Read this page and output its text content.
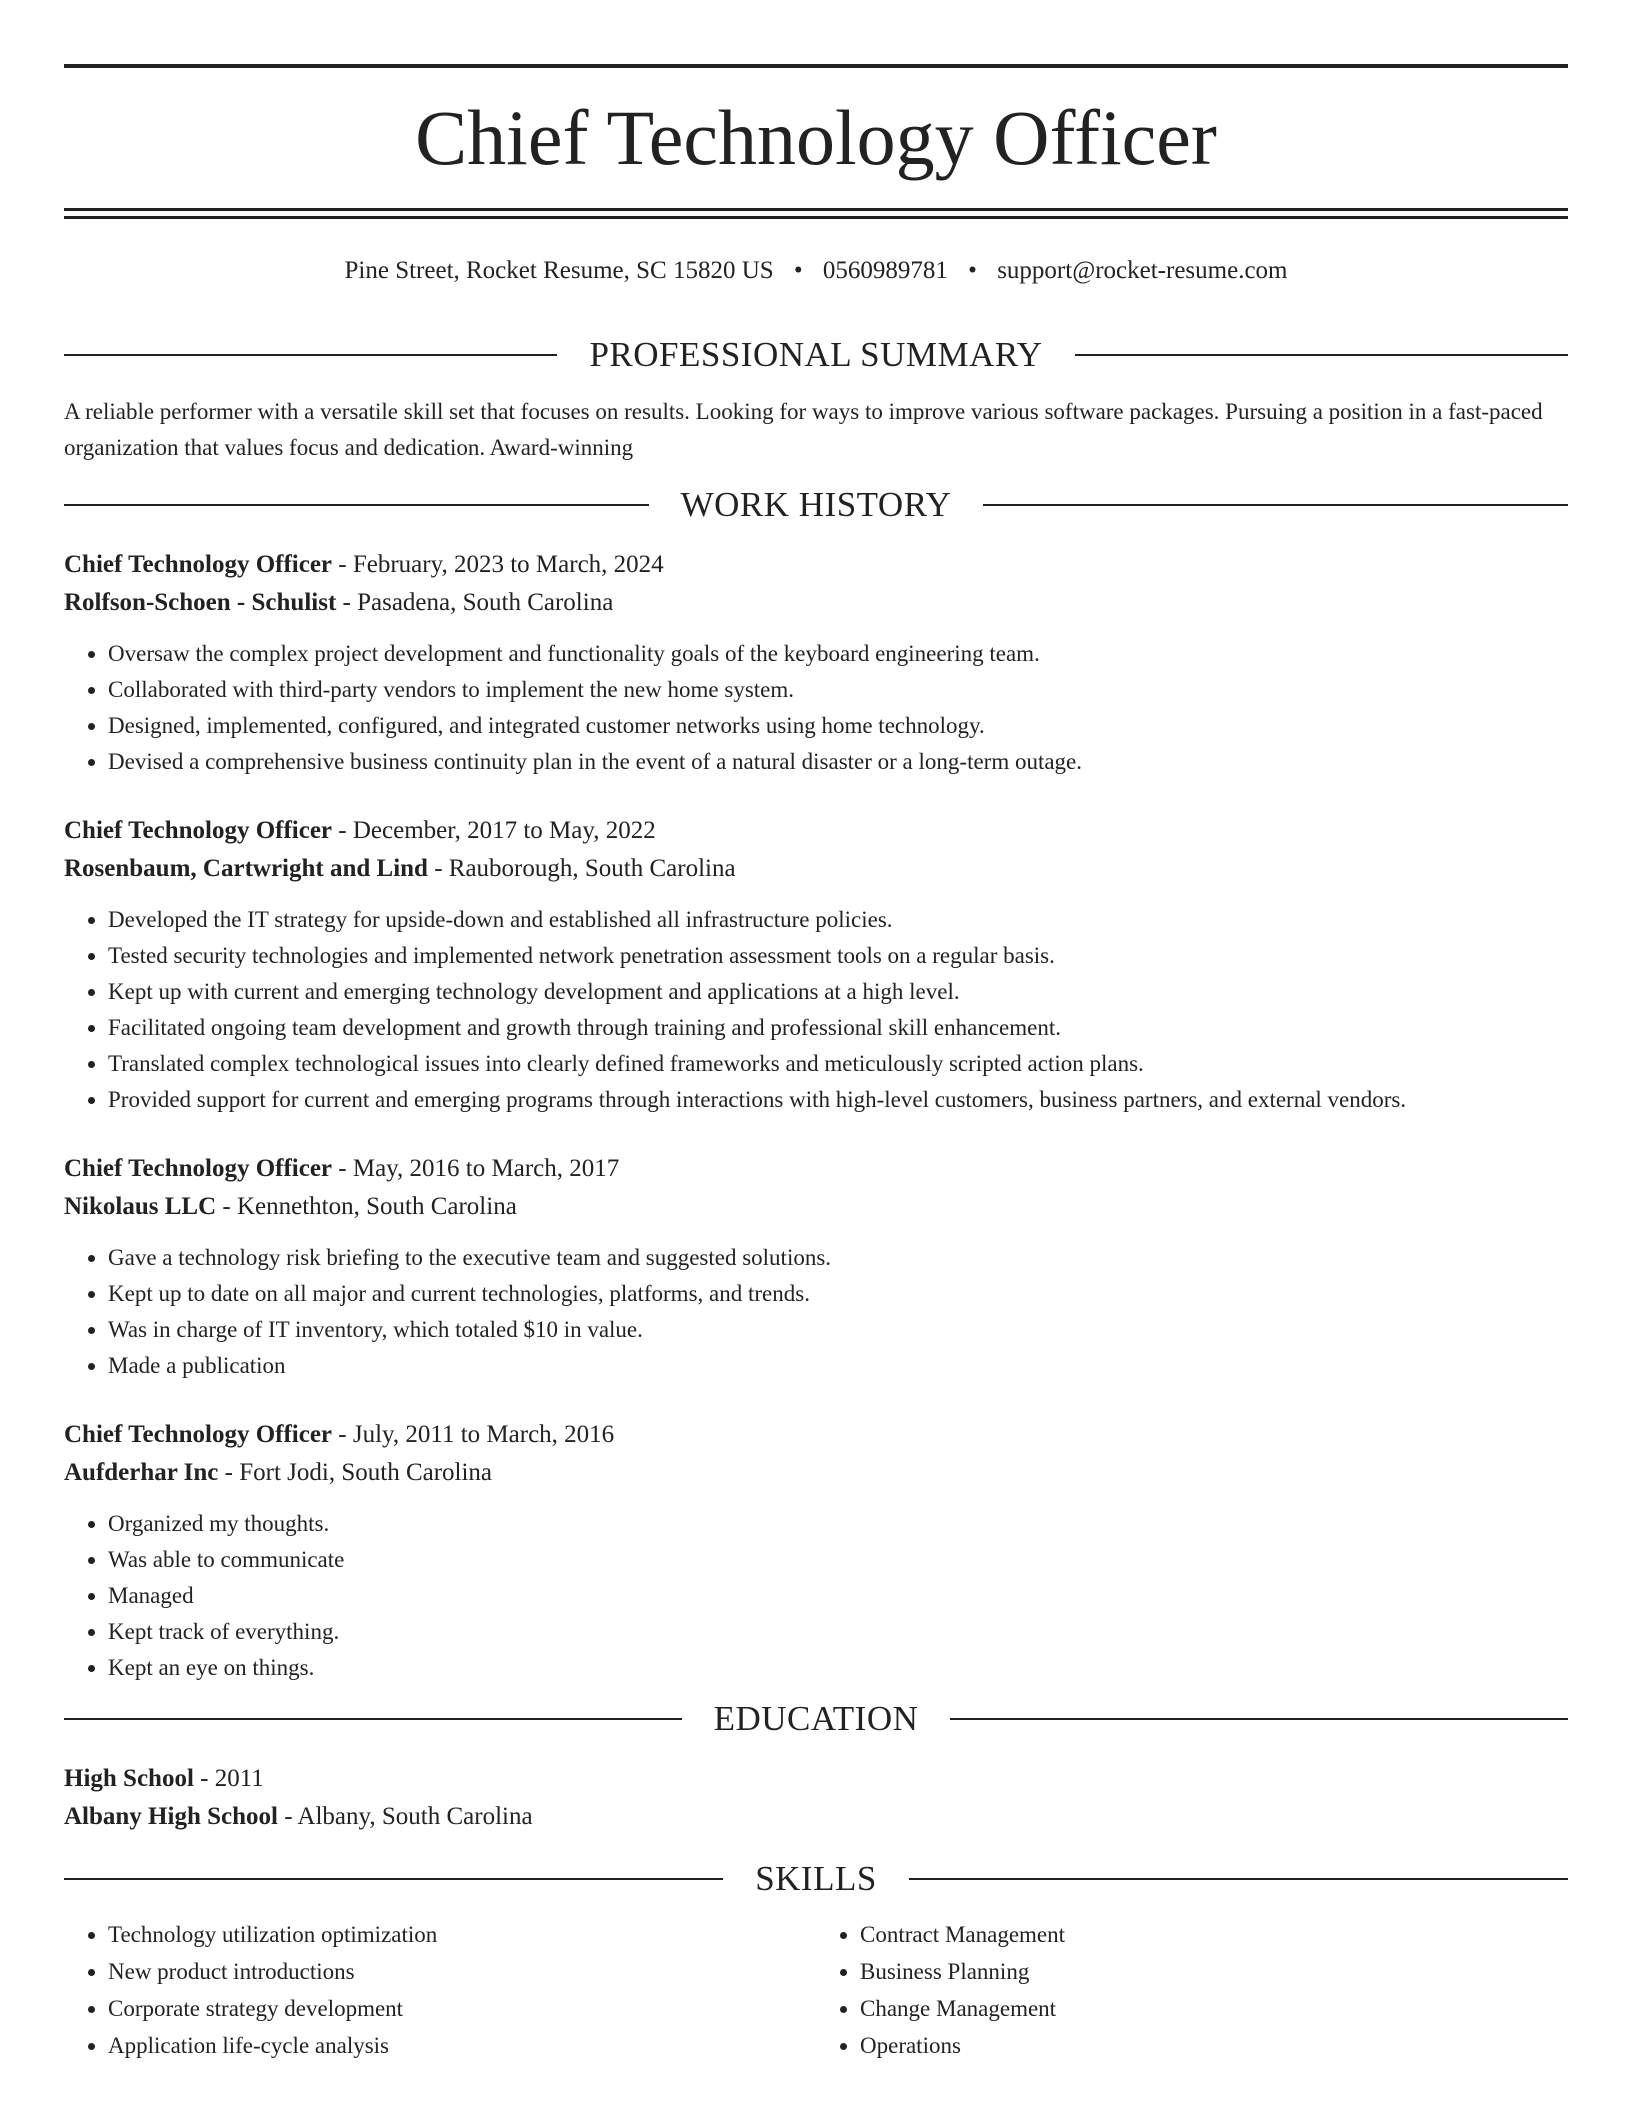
Chief Technology Officer
Pine Street, Rocket Resume, SC 15820 US • 0560989781 • support@rocket-resume.com
PROFESSIONAL SUMMARY

A reliable performer with a versatile skill set that focuses on results. Looking for ways to improve various software packages. Pursuing a position in a fast-paced organization that values focus and dedication. Award-winning

WORK HISTORY
Chief Technology Officer - February, 2023 to March, 2024
Rolfson-Schoen - Schulist - Pasadena, South Carolina
• Oversaw the complex project development and functionality goals of the keyboard engineering team.
• Collaborated with third-party vendors to implement the new home system.
• Designed, implemented, configured, and integrated customer networks using home technology.
• Devised a comprehensive business continuity plan in the event of a natural disaster or a long-term outage.
Chief Technology Officer - December, 2017 to May, 2022
Rosenbaum, Cartwright and Lind - Rauborough, South Carolina
• Developed the IT strategy for upside-down and established all infrastructure policies.
• Tested security technologies and implemented network penetration assessment tools on a regular basis.
• Kept up with current and emerging technology development and applications at a high level.
• Facilitated ongoing team development and growth through training and professional skill enhancement.
• Translated complex technological issues into clearly defined frameworks and meticulously scripted action plans.
• Provided support for current and emerging programs through interactions with high-level customers, business partners, and external vendors.
Chief Technology Officer - May, 2016 to March, 2017
Nikolaus LLC - Kennethton, South Carolina
• Gave a technology risk briefing to the executive team and suggested solutions.
• Kept up to date on all major and current technologies, platforms, and trends.
• Was in charge of IT inventory, which totaled $10 in value.
• Made a publication
Chief Technology Officer - July, 2011 to March, 2016
Aufderhar Inc - Fort Jodi, South Carolina
• Organized my thoughts.
• Was able to communicate
• Managed
• Kept track of everything.
• Kept an eye on things.
EDUCATION
High School - 2011
Albany High School - Albany, South Carolina
SKILLS
• Technology utilization optimization
• New product introductions
• Corporate strategy development
• Application life-cycle analysis
• Contract Management
• Business Planning
• Change Management
• Operations
